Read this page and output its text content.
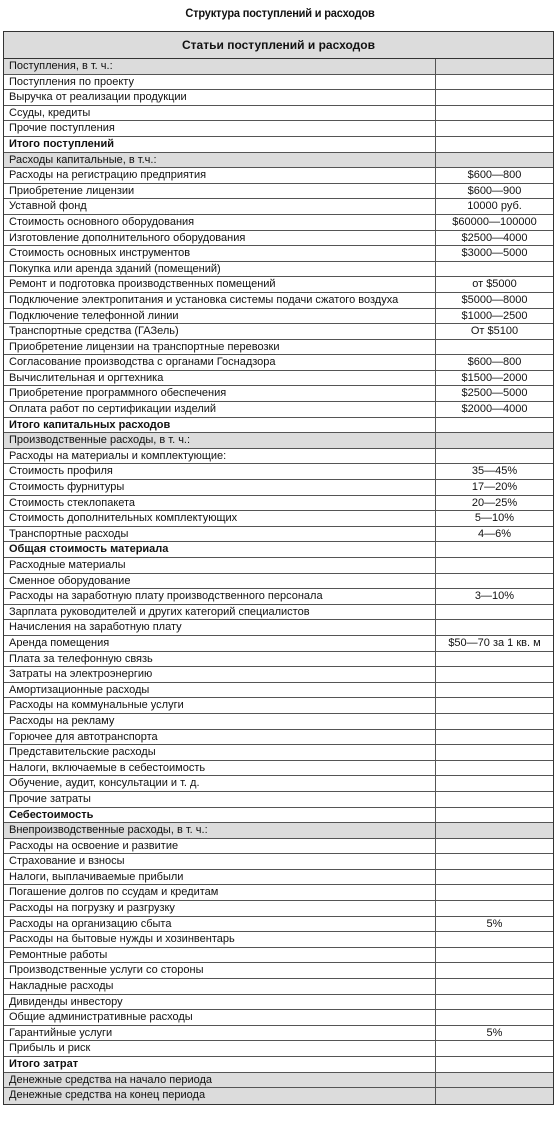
Структура поступлений и расходов
Статьи поступлений и расходов
Поступления, в т. ч.:
Поступления по проекту
Выручка от реализации продукции
Ссуды, кредиты
Прочие поступления
Итого поступлений
Расходы капитальные, в т.ч.:
Расходы на регистрацию предприятия	$600—800
Приобретение лицензии	$600—900
Уставной фонд	10000 руб.
Стоимость основного оборудования	$60000—100000
Изготовление дополнительного оборудования	$2500—4000
Стоимость основных инструментов	$3000—5000
Покупка или аренда зданий (помещений)
Ремонт и подготовка производственных помещений	от $5000
Подключение электропитания и установка системы подачи сжатого воздуха	$5000—8000
Подключение телефонной линии	$1000—2500
Транспортные средства (ГАЗель)	От $5100
Приобретение лицензии на транспортные перевозки
Согласование производства с органами Госнадзора	$600—800
Вычислительная и оргтехника	$1500—2000
Приобретение программного обеспечения	$2500—5000
Оплата работ по сертификации изделий	$2000—4000
Итого капитальных расходов
Производственные расходы, в т. ч.:
Расходы на материалы и комплектующие:
Стоимость профиля	35—45%
Стоимость фурнитуры	17—20%
Стоимость стеклопакета	20—25%
Стоимость дополнительных комплектующих	5—10%
Транспортные расходы	4—6%
Общая стоимость материала
Расходные материалы
Сменное оборудование
Расходы на заработную плату производственного персонала	3—10%
Зарплата руководителей и других категорий специалистов
Начисления на заработную плату
Аренда помещения	$50—70 за 1 кв. м
Плата за телефонную связь
Затраты на электроэнергию
Амортизационные расходы
Расходы на коммунальные услуги
Расходы на рекламу
Горючее для автотранспорта
Представительские расходы
Налоги, включаемые в себестоимость
Обучение, аудит, консультации и т. д.
Прочие затраты
Себестоимость
Внепроизводственные расходы, в т. ч.:
Расходы на освоение и развитие
Страхование и взносы
Налоги, выплачиваемые прибыли
Погашение долгов по ссудам и кредитам
Расходы на погрузку и разгрузку
Расходы на организацию сбыта	5%
Расходы на бытовые нужды и хозинвентарь
Ремонтные работы
Производственные услуги со стороны
Накладные расходы
Дивиденды инвестору
Общие административные расходы
Гарантийные услуги	5%
Прибыль и риск
Итого затрат
Денежные средства на начало периода
Денежные средства на конец периода
